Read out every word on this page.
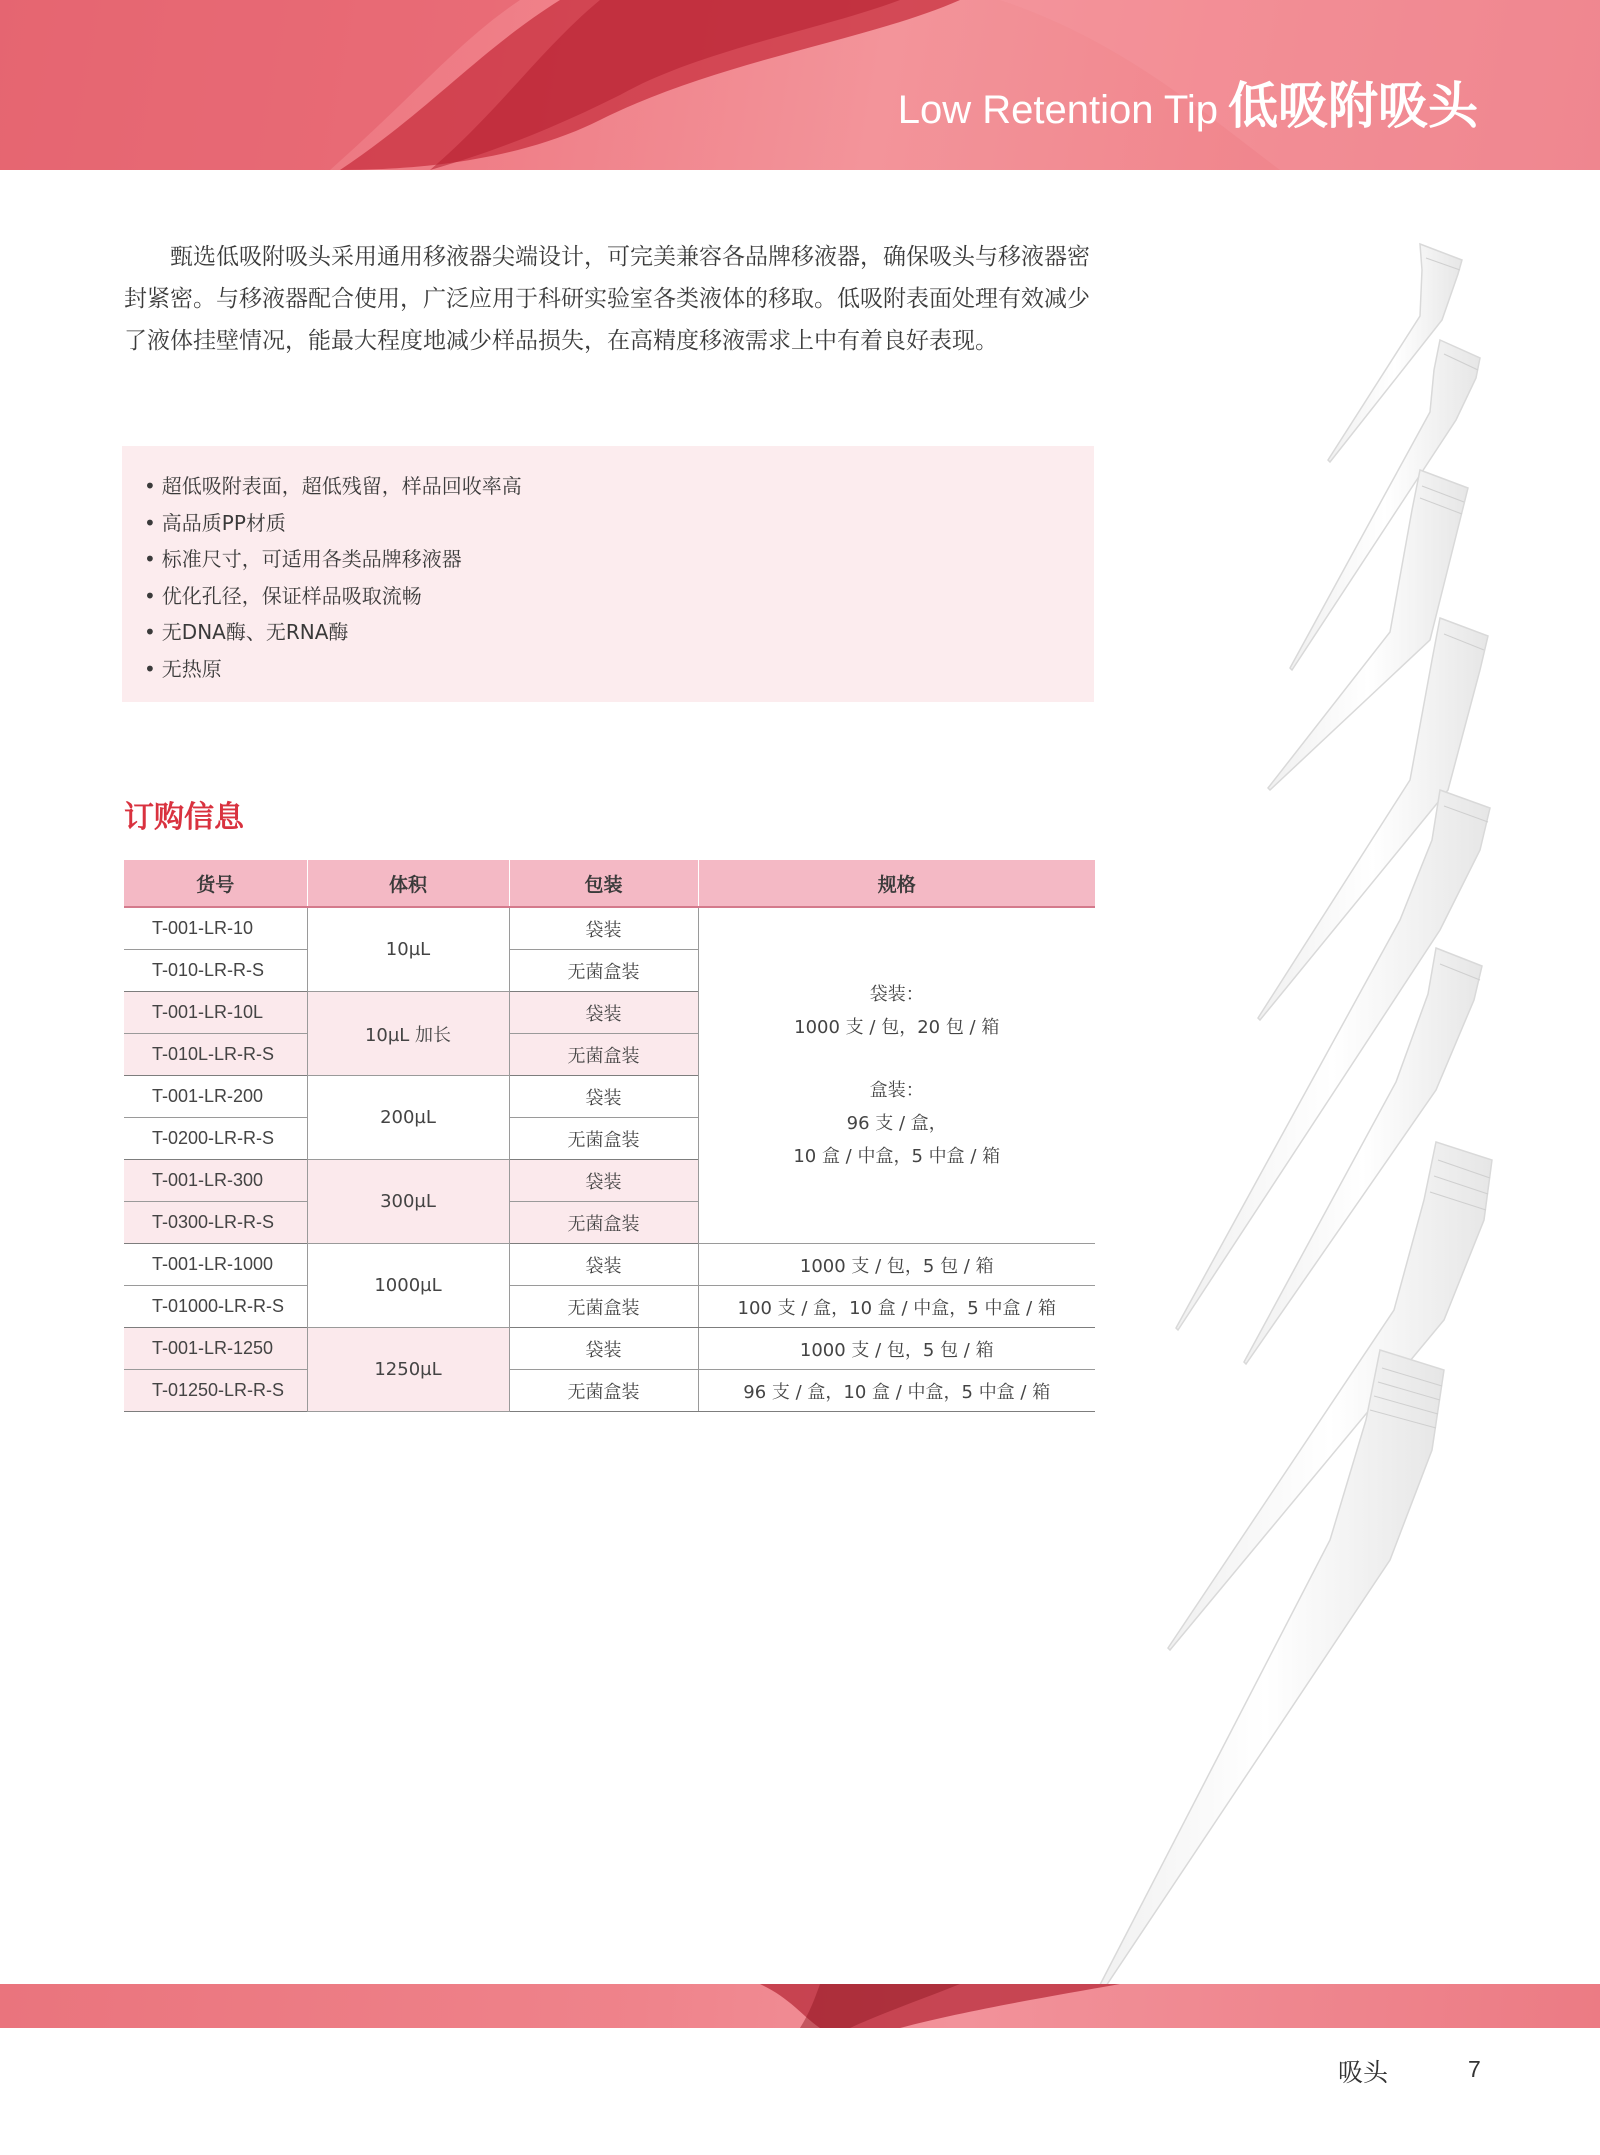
Low Retention Tip 低吸附吸头

甄选低吸附吸头采用通用移液器尖端设计，可完美兼容各品牌移液器，确保吸头与移液器密封紧密。与移液器配合使用，广泛应用于科研实验室各类液体的移取。低吸附表面处理有效减少了液体挂壁情况，能最大程度地减少样品损失，在高精度移液需求上中有着良好表现。

• 超低吸附表面，超低残留，样品回收率高
• 高品质PP材质
• 标准尺寸，可适用各类品牌移液器
• 优化孔径，保证样品吸取流畅
• 无DNA酶、无RNA酶
• 无热原
订购信息
货号	体积	包装	规格
T-001-LR-10	10µL	袋装	袋装：
1000 支 / 包，20 包 / 箱
盒装：
96 支 / 盒，
10 盒 / 中盒，5 中盒 / 箱
T-010-LR-R-S		无菌盒装	
T-001-LR-10L	10µL 加长	袋装	
T-010L-LR-R-S		无菌盒装	
T-001-LR-200	200µL	袋装	
T-0200-LR-R-S		无菌盒装	
T-001-LR-300	300µL	袋装	
T-0300-LR-R-S		无菌盒装	
T-001-LR-1000	1000µL	袋装	1000 支 / 包，5 包 / 箱
T-01000-LR-R-S		无菌盒装	100 支 / 盒，10 盒 / 中盒，5 中盒 / 箱
T-001-LR-1250	1250µL	袋装	1000 支 / 包，5 包 / 箱
T-01250-LR-R-S		无菌盒装	96 支 / 盒，10 盒 / 中盒，5 中盒 / 箱
吸头	7
